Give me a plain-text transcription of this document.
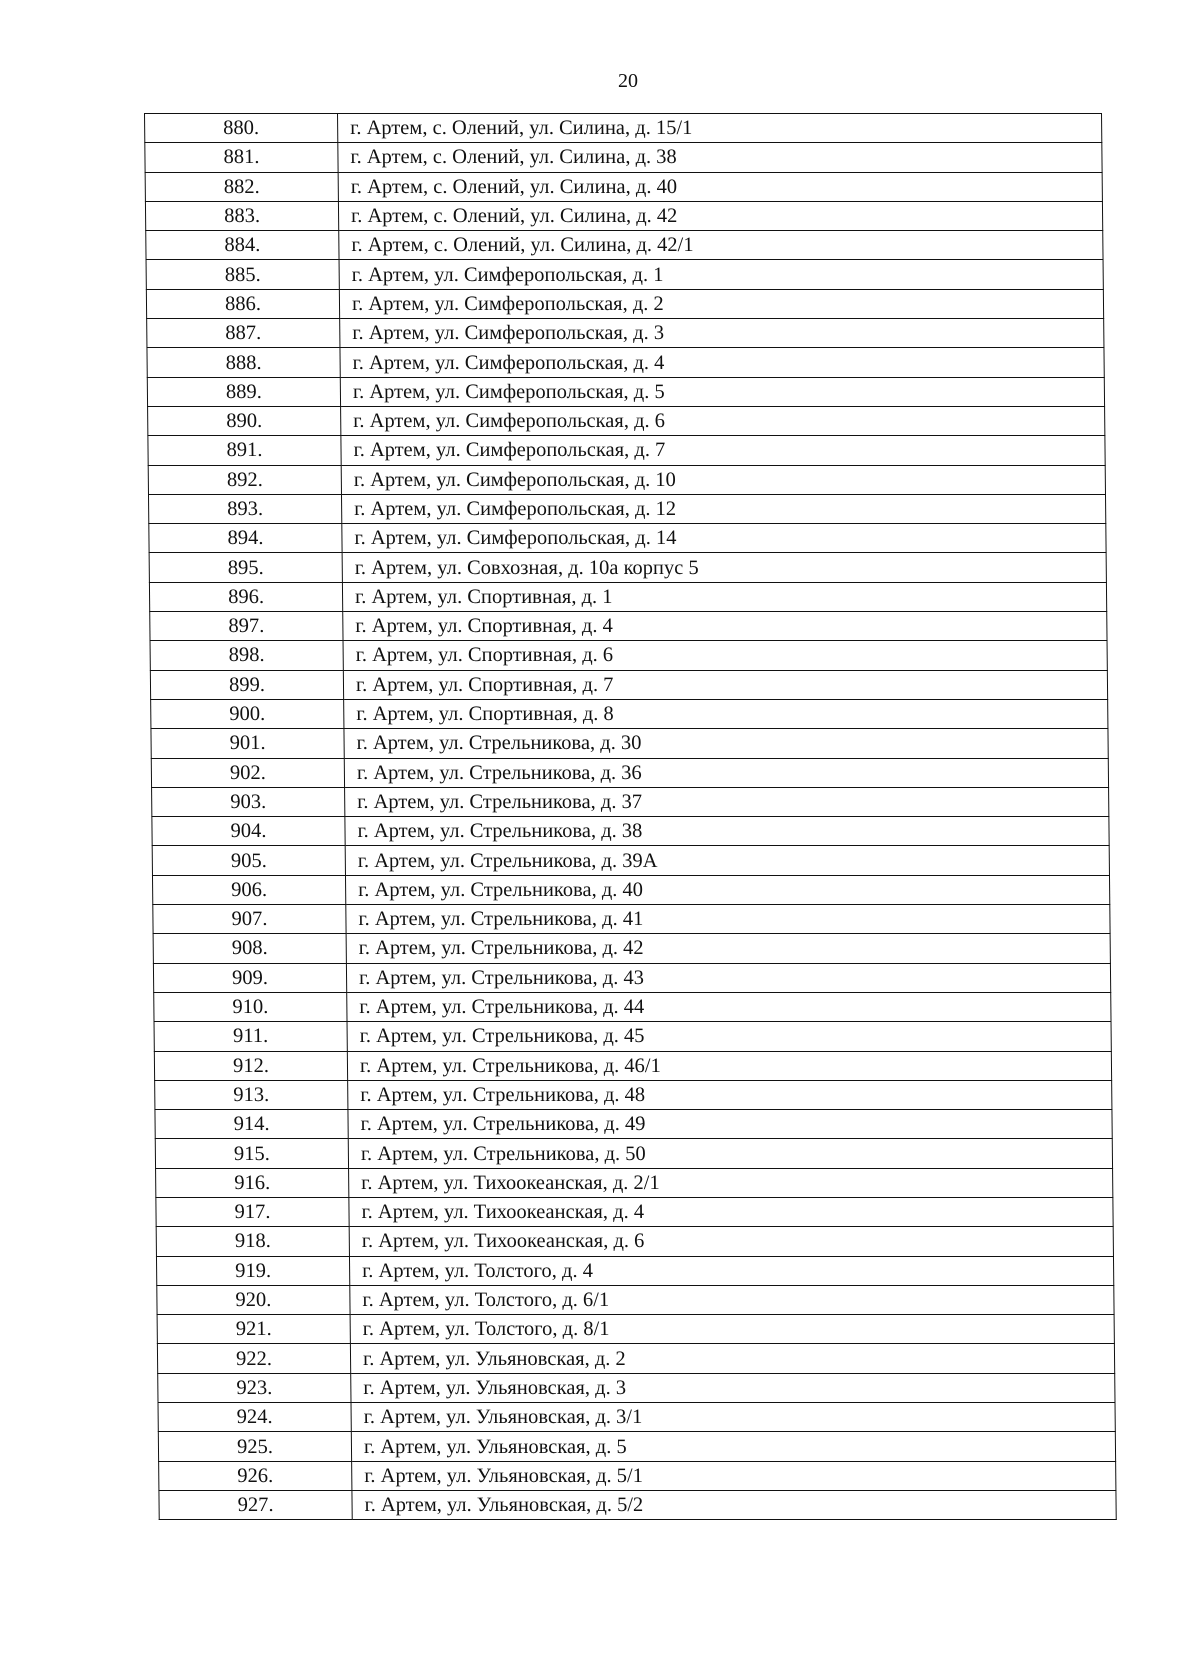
20
880.	г. Артем, с. Олений, ул. Силина, д. 15/1
881.	г. Артем, с. Олений, ул. Силина, д. 38
882.	г. Артем, с. Олений, ул. Силина, д. 40
883.	г. Артем, с. Олений, ул. Силина, д. 42
884.	г. Артем, с. Олений, ул. Силина, д. 42/1
885.	г. Артем, ул. Симферопольская, д. 1
886.	г. Артем, ул. Симферопольская, д. 2
887.	г. Артем, ул. Симферопольская, д. 3
888.	г. Артем, ул. Симферопольская, д. 4
889.	г. Артем, ул. Симферопольская, д. 5
890.	г. Артем, ул. Симферопольская, д. 6
891.	г. Артем, ул. Симферопольская, д. 7
892.	г. Артем, ул. Симферопольская, д. 10
893.	г. Артем, ул. Симферопольская, д. 12
894.	г. Артем, ул. Симферопольская, д. 14
895.	г. Артем, ул. Совхозная, д. 10а корпус 5
896.	г. Артем, ул. Спортивная, д. 1
897.	г. Артем, ул. Спортивная, д. 4
898.	г. Артем, ул. Спортивная, д. 6
899.	г. Артем, ул. Спортивная, д. 7
900.	г. Артем, ул. Спортивная, д. 8
901.	г. Артем, ул. Стрельникова, д. 30
902.	г. Артем, ул. Стрельникова, д. 36
903.	г. Артем, ул. Стрельникова, д. 37
904.	г. Артем, ул. Стрельникова, д. 38
905.	г. Артем, ул. Стрельникова, д. 39А
906.	г. Артем, ул. Стрельникова, д. 40
907.	г. Артем, ул. Стрельникова, д. 41
908.	г. Артем, ул. Стрельникова, д. 42
909.	г. Артем, ул. Стрельникова, д. 43
910.	г. Артем, ул. Стрельникова, д. 44
911.	г. Артем, ул. Стрельникова, д. 45
912.	г. Артем, ул. Стрельникова, д. 46/1
913.	г. Артем, ул. Стрельникова, д. 48
914.	г. Артем, ул. Стрельникова, д. 49
915.	г. Артем, ул. Стрельникова, д. 50
916.	г. Артем, ул. Тихоокеанская, д. 2/1
917.	г. Артем, ул. Тихоокеанская, д. 4
918.	г. Артем, ул. Тихоокеанская, д. 6
919.	г. Артем, ул. Толстого, д. 4
920.	г. Артем, ул. Толстого, д. 6/1
921.	г. Артем, ул. Толстого, д. 8/1
922.	г. Артем, ул. Ульяновская, д. 2
923.	г. Артем, ул. Ульяновская, д. 3
924.	г. Артем, ул. Ульяновская, д. 3/1
925.	г. Артем, ул. Ульяновская, д. 5
926.	г. Артем, ул. Ульяновская, д. 5/1
927.	г. Артем, ул. Ульяновская, д. 5/2
